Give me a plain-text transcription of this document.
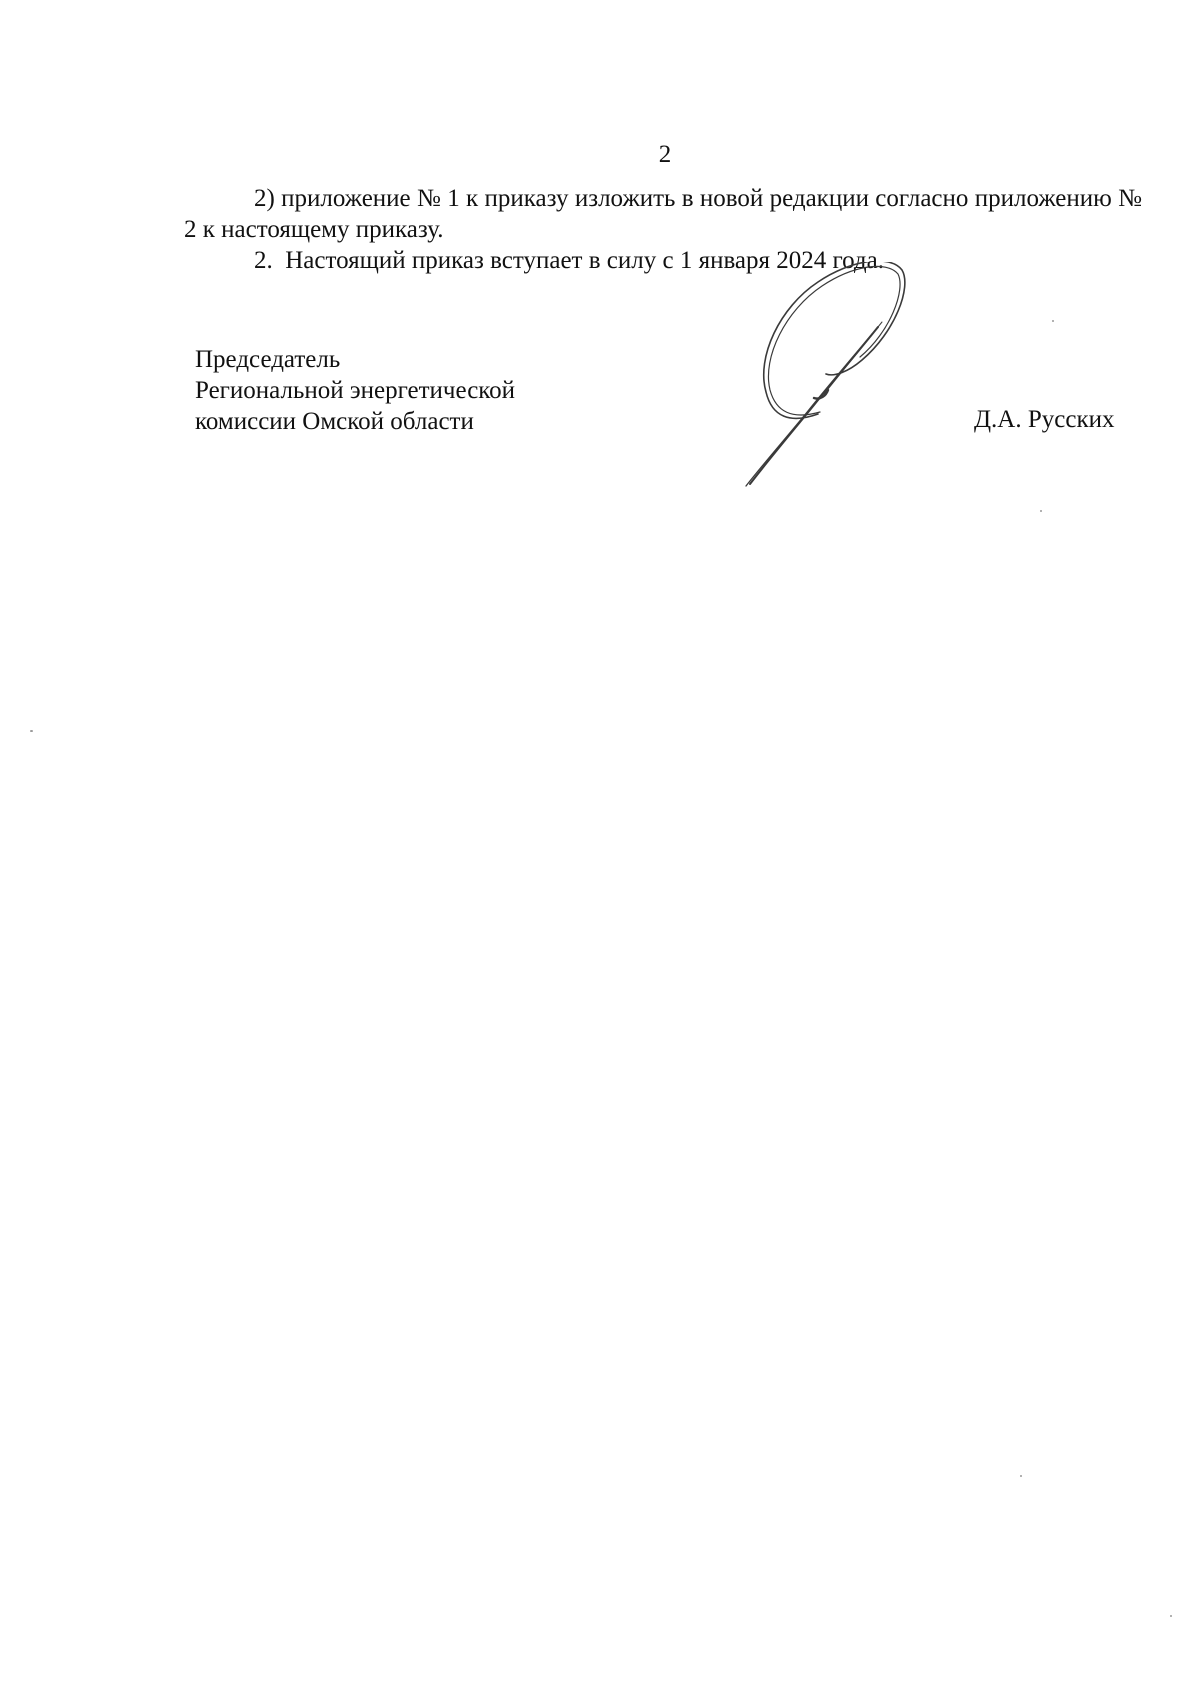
2

2) приложение № 1 к приказу изложить в новой редакции согласно приложению № 2 к настоящему приказу.

2. Настоящий приказ вступает в силу с 1 января 2024 года.

Председатель
Региональной энергетической
комиссии Омской области	Д.А. Русских
